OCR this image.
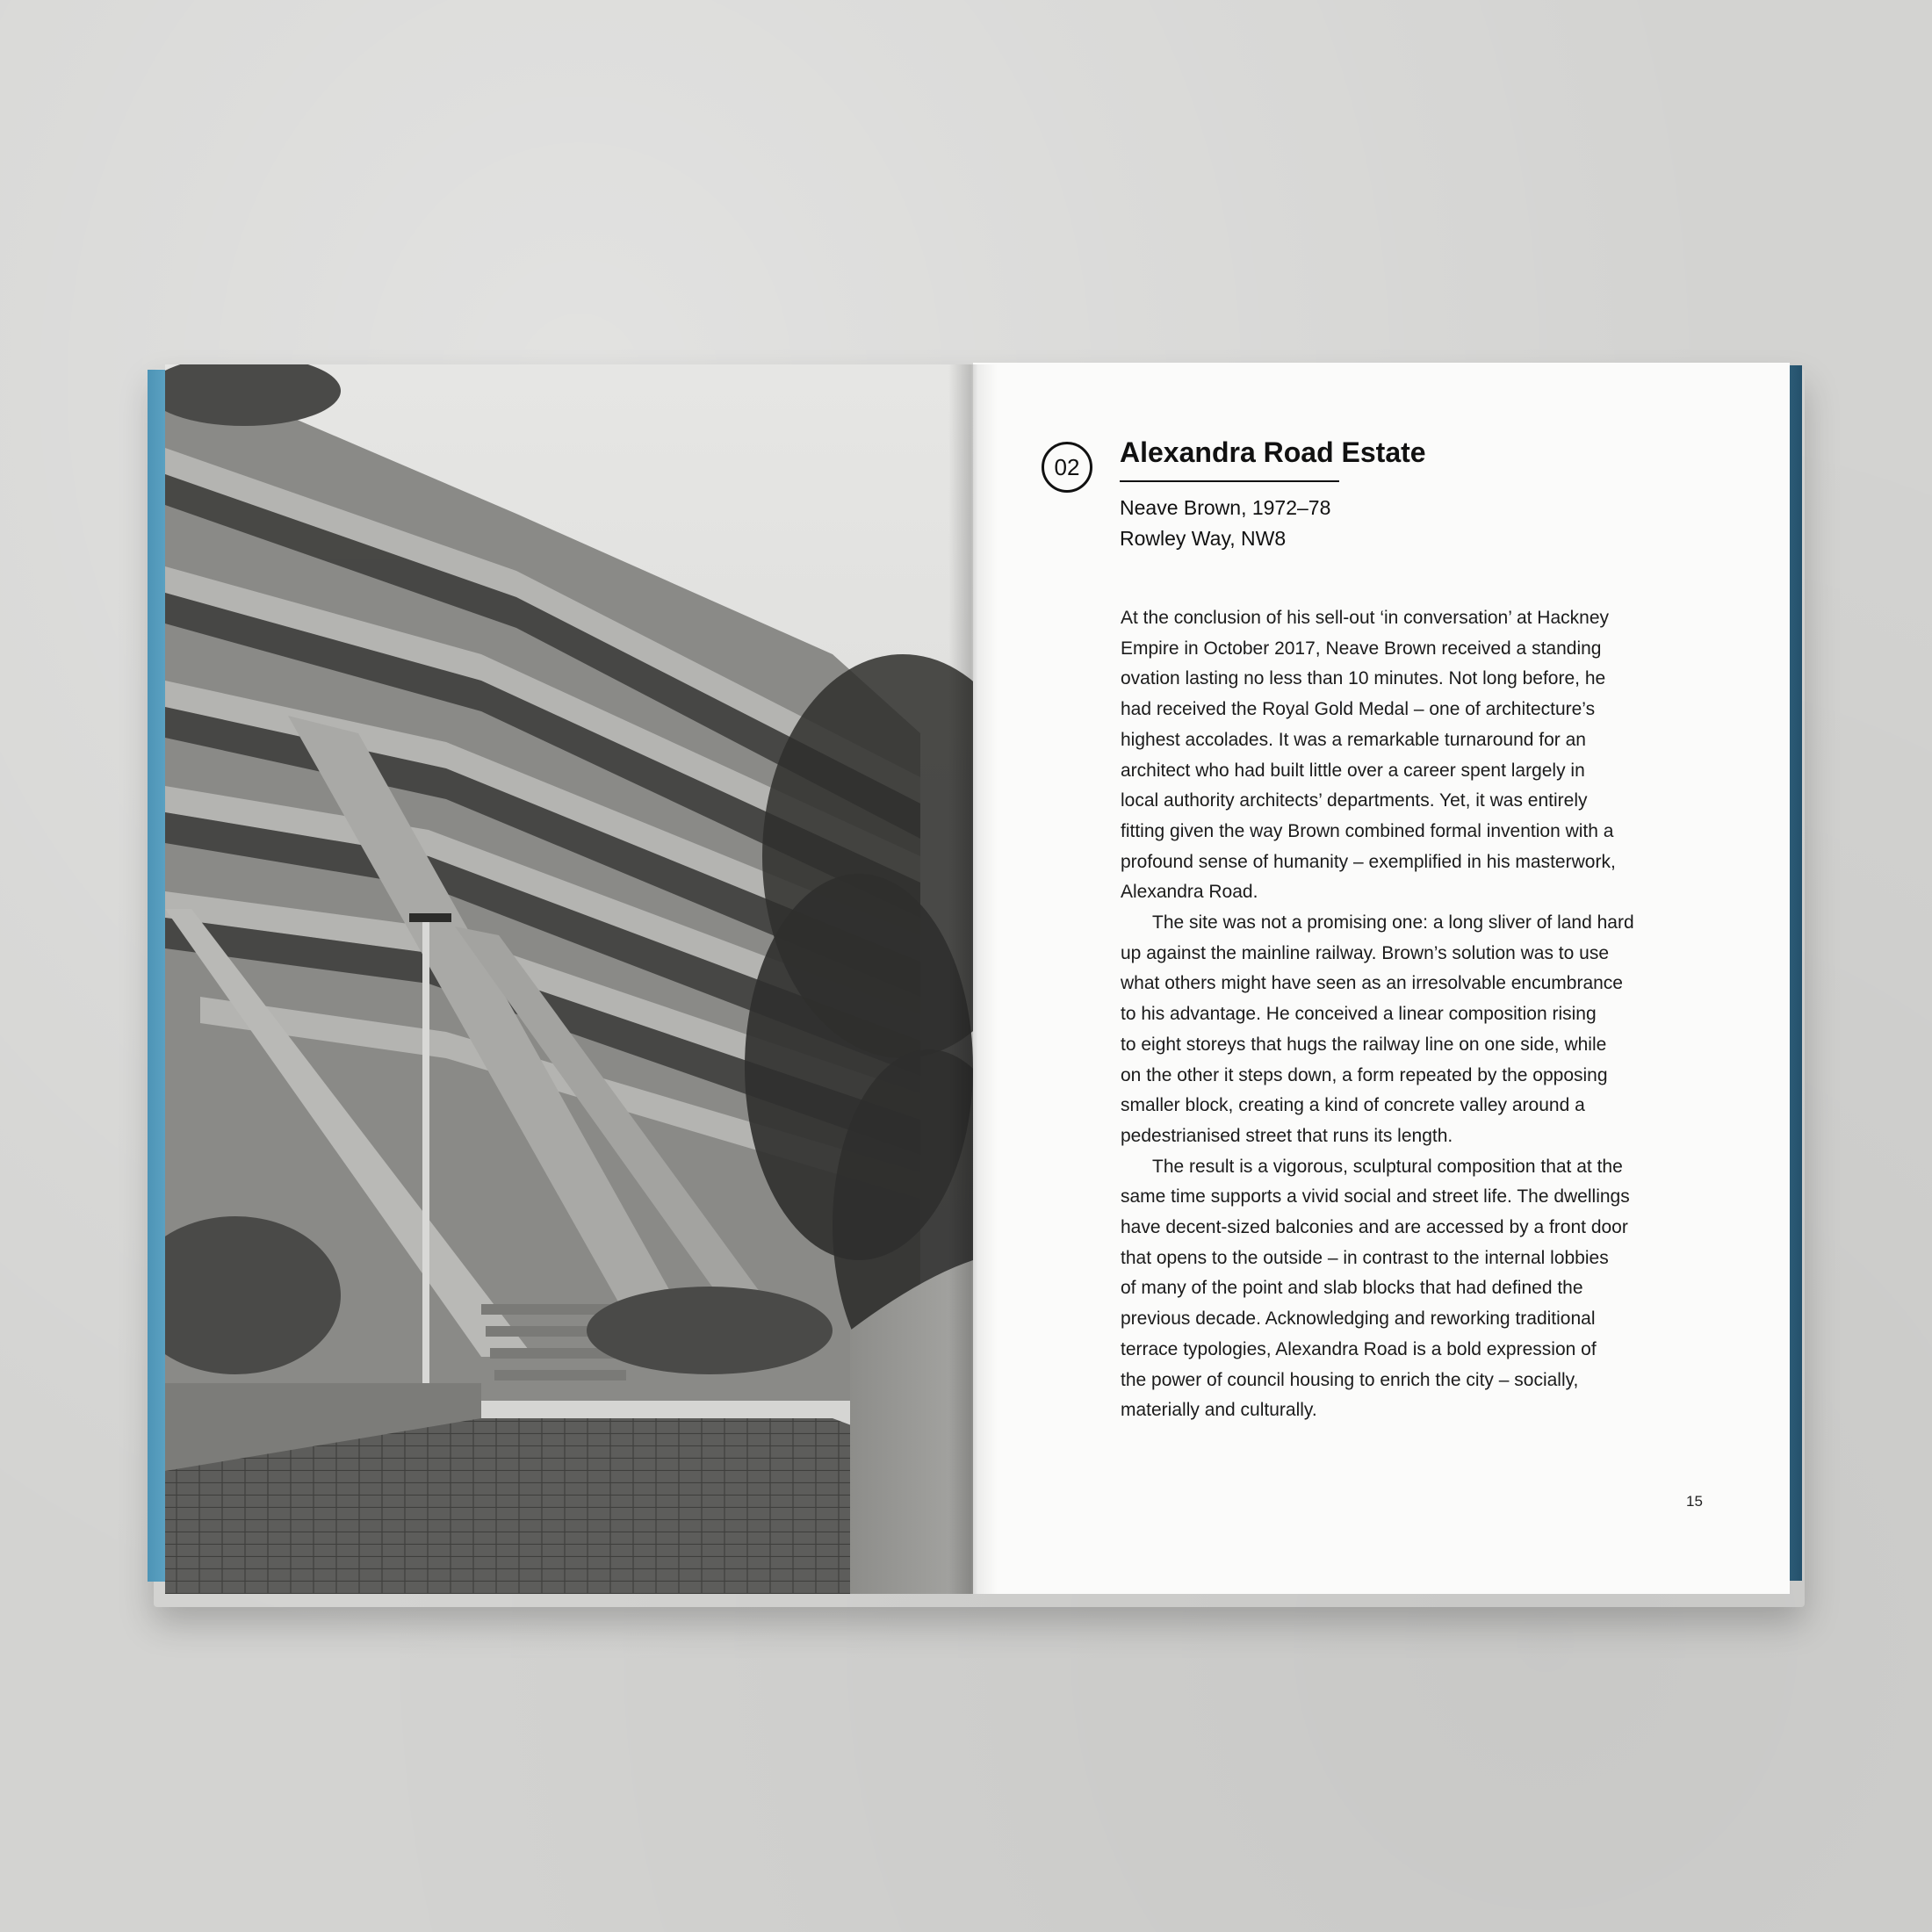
02	Alexandra Road Estate
Neave Brown, 1972–78
Rowley Way, NW8
At the conclusion of his sell-out ‘in conversation’ at Hackney
Empire in October 2017, Neave Brown received a standing
ovation lasting no less than 10 minutes. Not long before, he
had received the Royal Gold Medal – one of architecture’s
highest accolades. It was a remarkable turnaround for an
architect who had built little over a career spent largely in
local authority architects’ departments. Yet, it was entirely
fitting given the way Brown combined formal invention with a
profound sense of humanity – exemplified in his masterwork,
Alexandra Road.
The site was not a promising one: a long sliver of land hard
up against the mainline railway. Brown’s solution was to use
what others might have seen as an irresolvable encumbrance
to his advantage. He conceived a linear composition rising
to eight storeys that hugs the railway line on one side, while
on the other it steps down, a form repeated by the opposing
smaller block, creating a kind of concrete valley around a
pedestrianised street that runs its length.
The result is a vigorous, sculptural composition that at the
same time supports a vivid social and street life. The dwellings
have decent-sized balconies and are accessed by a front door
that opens to the outside – in contrast to the internal lobbies
of many of the point and slab blocks that had defined the
previous decade. Acknowledging and reworking traditional
terrace typologies, Alexandra Road is a bold expression of
the power of council housing to enrich the city – socially,
materially and culturally.
15
